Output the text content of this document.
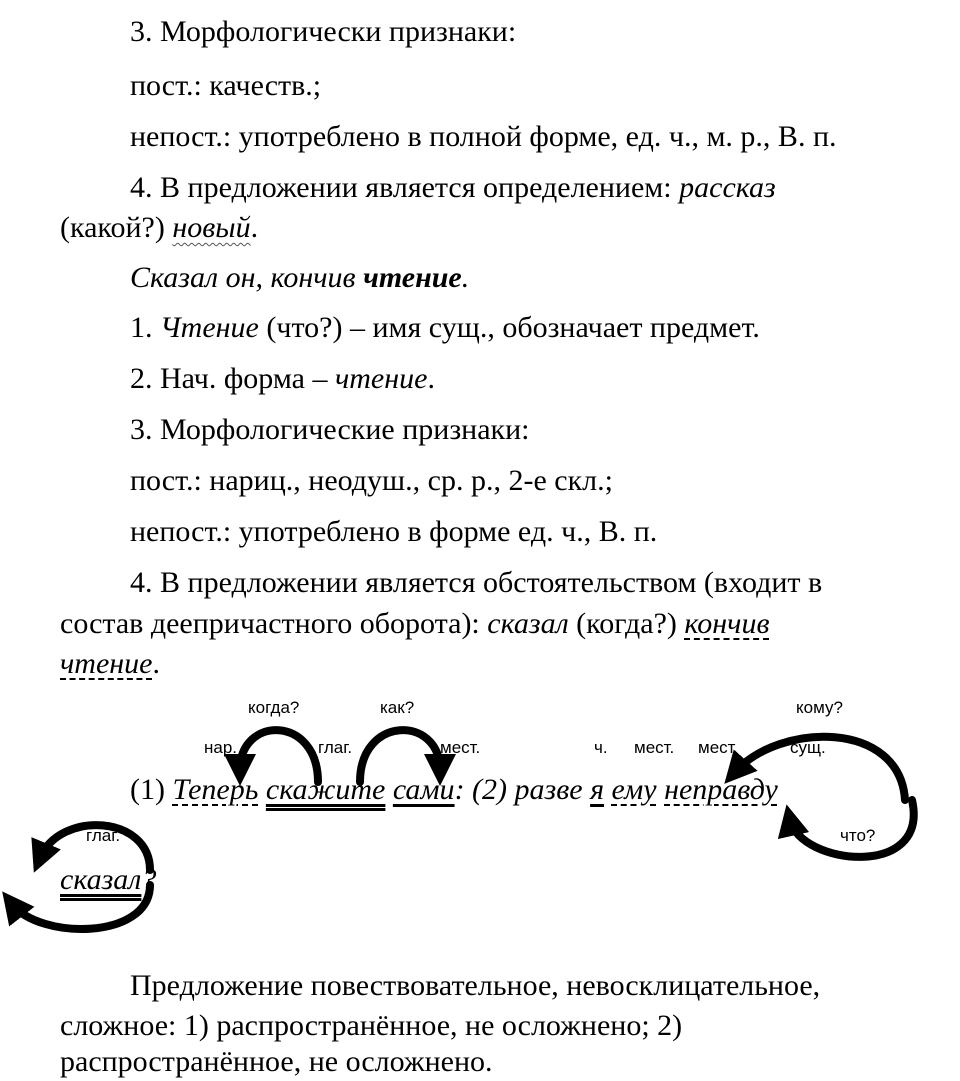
3. Морфологически признаки:
пост.: качеств.;
непост.: употреблено в полной форме, ед. ч., м. р., В. п.
4. В предложении является определением: рассказ
(какой?) новый.
Сказал он, кончив чтение.
1. Чтение (что?) – имя сущ., обозначает предмет.
2. Нач. форма – чтение.
3. Морфологические признаки:
пост.: нариц., неодуш., ср. р., 2-е скл.;
непост.: употреблено в форме ед. ч., В. п.
4. В предложении является обстоятельством (входит в
состав деепричастного оборота): сказал (когда?) кончив
чтение.
когда?	как?
нар.	глаг.	мест.	ч. мест. мест	сущ.
кому?
что?
глаг.
(1) Теперь скажите сами: (2) разве я ему неправду
сказал?
Предложение повествовательное, невосклицательное,
сложное: 1) распространённое, не осложнено; 2)
распространённое, не осложнено.
